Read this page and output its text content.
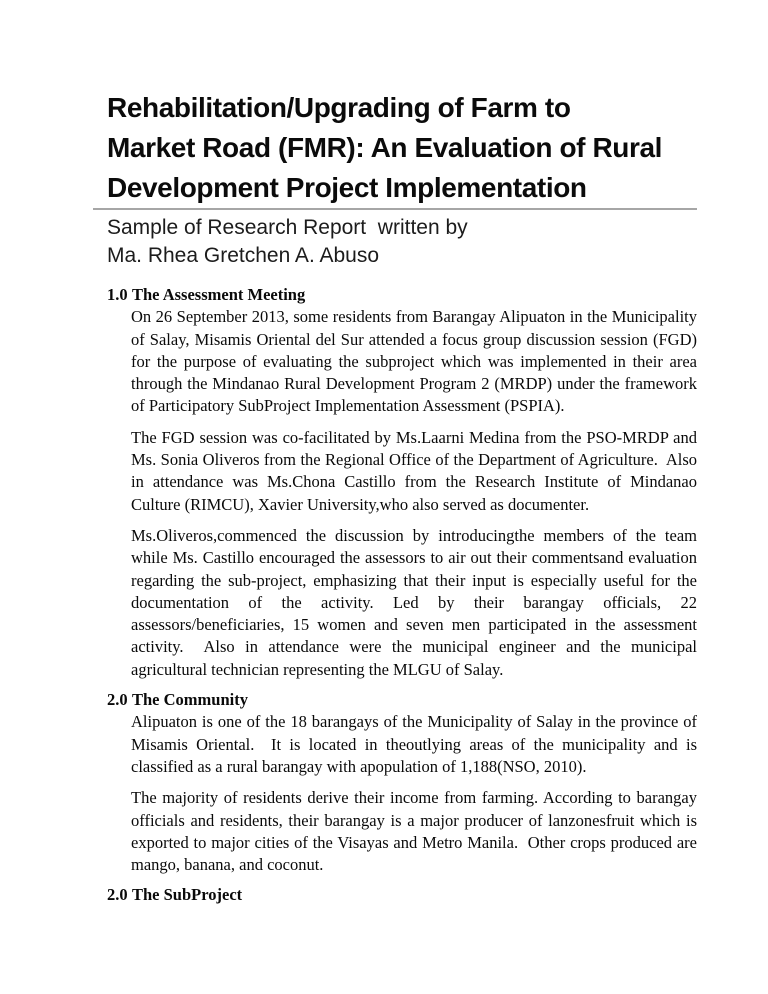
Rehabilitation/Upgrading of Farm to
Market Road (FMR): An Evaluation of Rural
Development Project Implementation
Sample of Research Report  written by
Ma. Rhea Gretchen A. Abuso
1.0 The Assessment Meeting

On 26 September 2013, some residents from Barangay Alipuaton in the Municipality of Salay, Misamis Oriental del Sur attended a focus group discussion session (FGD) for the purpose of evaluating the subproject which was implemented in their area through the Mindanao Rural Development Program 2 (MRDP) under the framework of Participatory SubProject Implementation Assessment (PSPIA).

The FGD session was co-facilitated by Ms.Laarni Medina from the PSO-MRDP and Ms. Sonia Oliveros from the Regional Office of the Department of Agriculture.  Also in attendance was Ms.Chona Castillo from the Research Institute of Mindanao Culture (RIMCU), Xavier University,who also served as documenter.

Ms.Oliveros,commenced the discussion by introducingthe members of the team while Ms. Castillo encouraged the assessors to air out their commentsand evaluation regarding the sub-project, emphasizing that their input is especially useful for the documentation of the activity. Led by their barangay officials, 22 assessors/beneficiaries, 15 women and seven men participated in the assessment activity.  Also in attendance were the municipal engineer and the municipal agricultural technician representing the MLGU of Salay.

2.0 The Community

Alipuaton is one of the 18 barangays of the Municipality of Salay in the province of Misamis Oriental.  It is located in theoutlying areas of the municipality and is classified as a rural barangay with apopulation of 1,188(NSO, 2010).

The majority of residents derive their income from farming. According to barangay officials and residents, their barangay is a major producer of lanzonesfruit which is exported to major cities of the Visayas and Metro Manila.  Other crops produced are mango, banana, and coconut.

2.0 The SubProject
